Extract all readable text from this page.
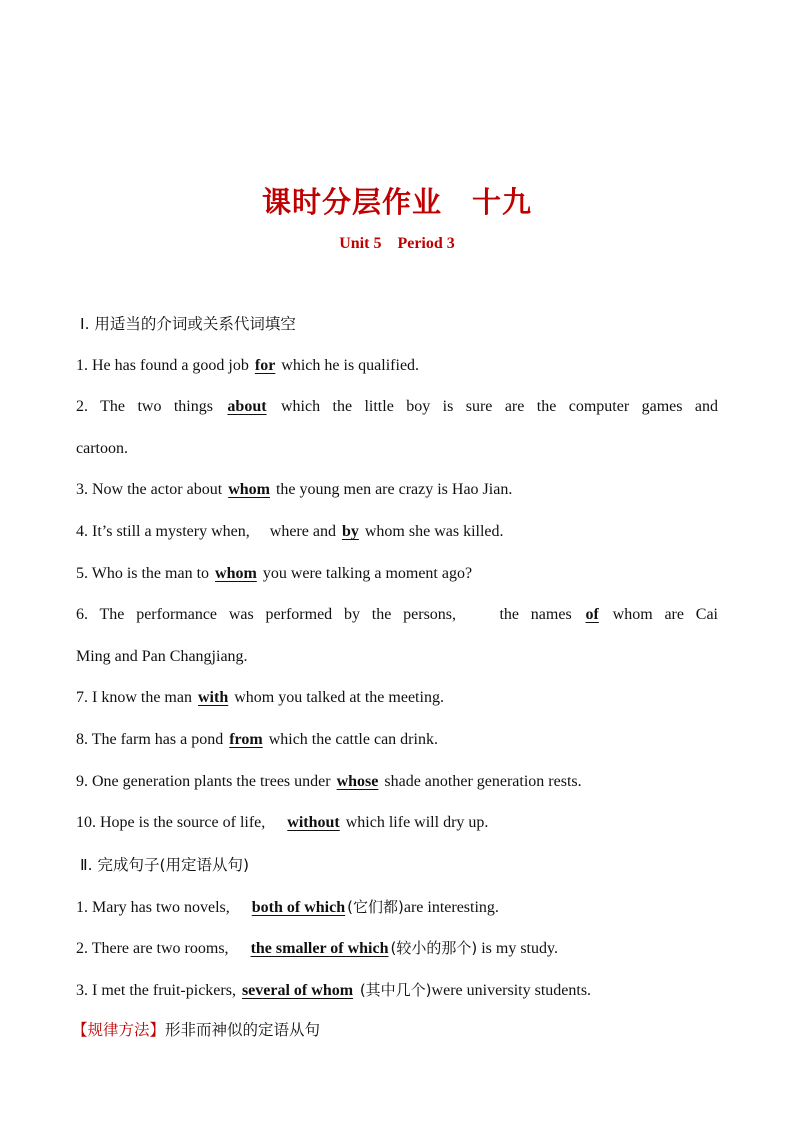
课时分层作业　十九
Unit 5　Period 3
Ⅰ. 用适当的介词或关系代词填空
1. He has found a good job for which he is qualified.
2. The two things about which the little boy is sure are the computer games and
cartoon.
3. Now the actor about whom the young men are crazy is Hao Jian.
4. It’s still a mystery when,　 where and by whom she was killed.
5. Who is the man to whom you were talking a moment ago?
6. The performance was performed by the persons,　 the names of whom are Cai
Ming and Pan Changjiang.
7. I know the man with whom you talked at the meeting.
8. The farm has a pond from which the cattle can drink.
9. One generation plants the trees under whose shade another generation rests.
10. Hope is the source of life,　 without which life will dry up.
Ⅱ. 完成句子(用定语从句)
1. Mary has two novels,　 both of which (它们都)are interesting.
2. There are two rooms,　 the smaller of which (较小的那个) is my study.
3. I met the fruit-pickers, several of whom (其中几个)were university students.
【规律方法】形非而神似的定语从句
